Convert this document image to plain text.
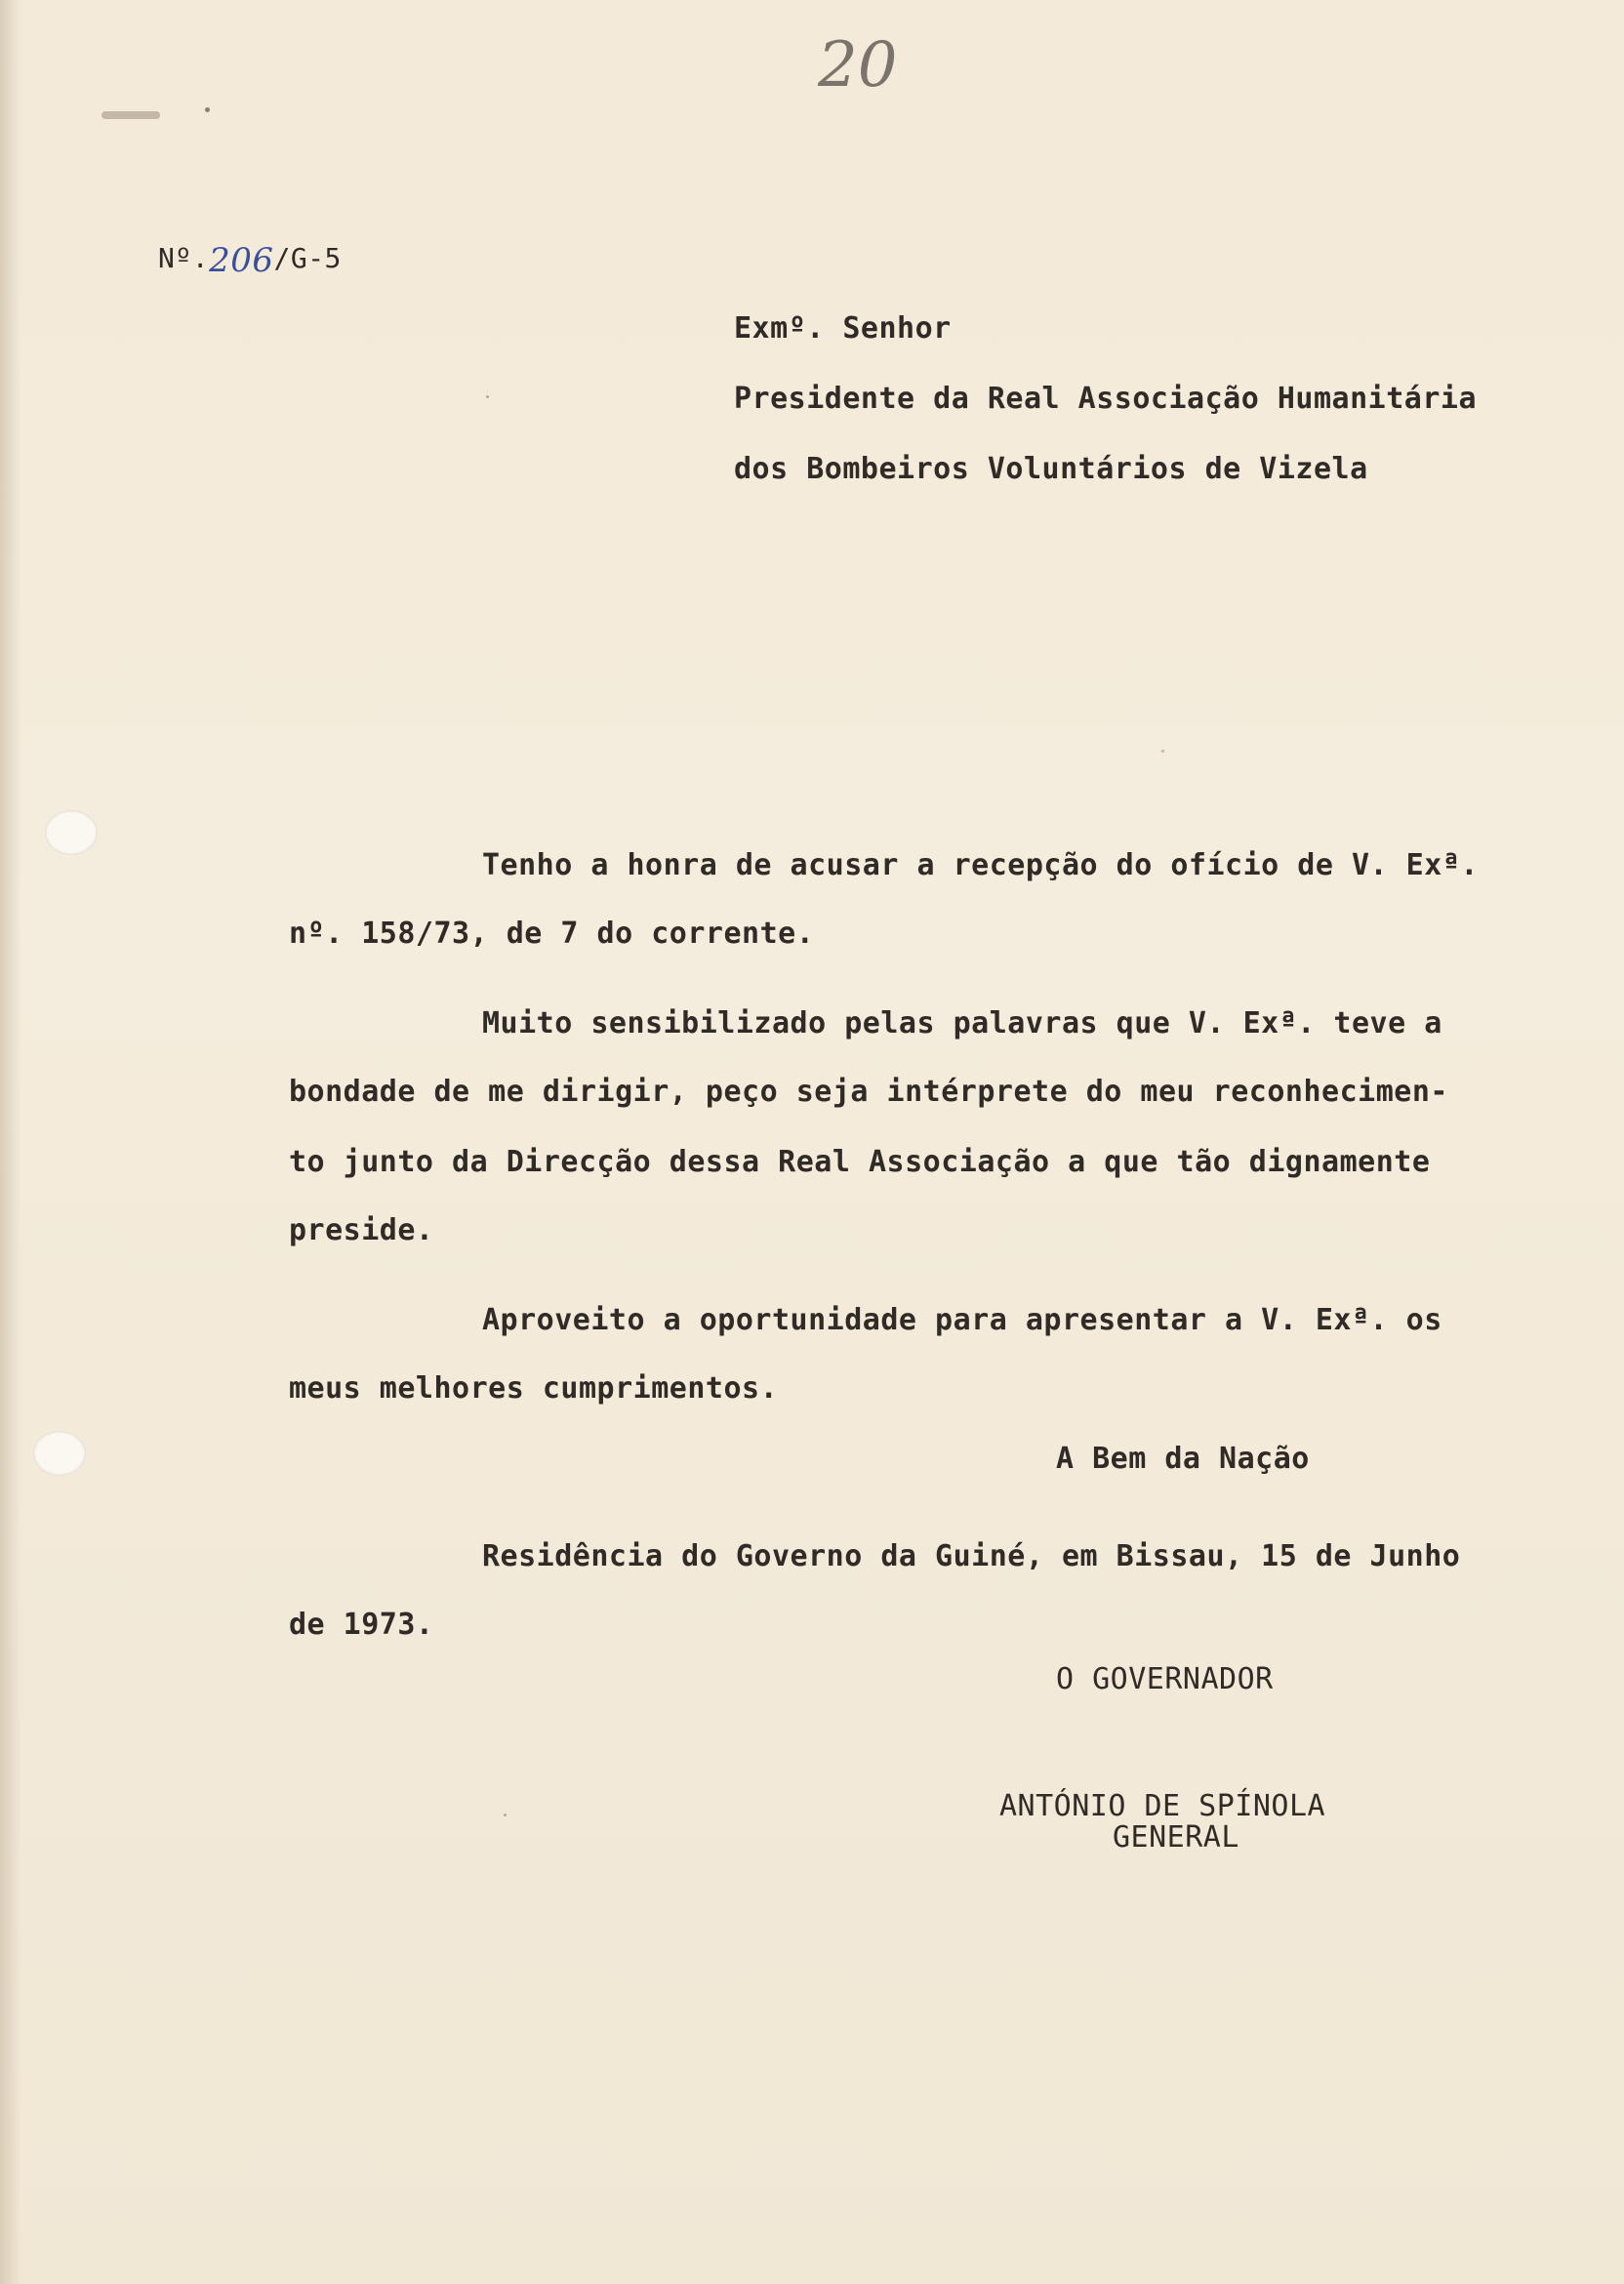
20
Nº.206/G-5
Exmº. Senhor
Presidente da Real Associação Humanitária
dos Bombeiros Voluntários de Vizela
Tenho a honra de acusar a recepção do ofício de V. Exª.
nº. 158/73, de 7 do corrente.
Muito sensibilizado pelas palavras que V. Exª. teve a
bondade de me dirigir, peço seja intérprete do meu reconhecimen-
to junto da Direcção dessa Real Associação a que tão dignamente
preside.
Aproveito a oportunidade para apresentar a V. Exª. os
meus melhores cumprimentos.
A Bem da Nação
Residência do Governo da Guiné, em Bissau, 15 de Junho
de 1973.
O GOVERNADOR
ANTÓNIO DE SPÍNOLA
GENERAL
